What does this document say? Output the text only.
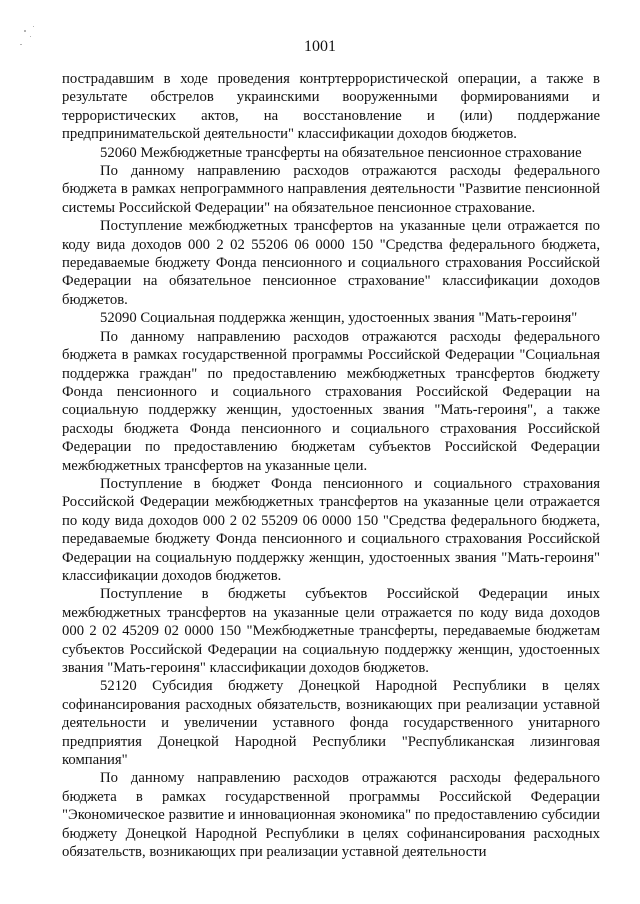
1001

пострадавшим в ходе проведения контртеррористической операции, а также в результате обстрелов украинскими вооруженными формированиями и террористических актов, на восстановление и (или) поддержание предпринимательской деятельности" классификации доходов бюджетов.

52060 Межбюджетные трансферты на обязательное пенсионное страхование

По данному направлению расходов отражаются расходы федерального бюджета в рамках непрограммного направления деятельности "Развитие пенсионной системы Российской Федерации" на обязательное пенсионное страхование.

Поступление межбюджетных трансфертов на указанные цели отражается по коду вида доходов 000 2 02 55206 06 0000 150 "Средства федерального бюджета, передаваемые бюджету Фонда пенсионного и социального страхования Российской Федерации на обязательное пенсионное страхование" классификации доходов бюджетов.

52090 Социальная поддержка женщин, удостоенных звания "Мать-героиня"

По данному направлению расходов отражаются расходы федерального бюджета в рамках государственной программы Российской Федерации "Социальная поддержка граждан" по предоставлению межбюджетных трансфертов бюджету Фонда пенсионного и социального страхования Российской Федерации на социальную поддержку женщин, удостоенных звания "Мать-героиня", а также расходы бюджета Фонда пенсионного и социального страхования Российской Федерации по предоставлению бюджетам субъектов Российской Федерации межбюджетных трансфертов на указанные цели.

Поступление в бюджет Фонда пенсионного и социального страхования Российской Федерации межбюджетных трансфертов на указанные цели отражается по коду вида доходов 000 2 02 55209 06 0000 150 "Средства федерального бюджета, передаваемые бюджету Фонда пенсионного и социального страхования Российской Федерации на социальную поддержку женщин, удостоенных звания "Мать-героиня" классификации доходов бюджетов.

Поступление в бюджеты субъектов Российской Федерации иных межбюджетных трансфертов на указанные цели отражается по коду вида доходов 000 2 02 45209 02 0000 150 "Межбюджетные трансферты, передаваемые бюджетам субъектов Российской Федерации на социальную поддержку женщин, удостоенных звания "Мать-героиня" классификации доходов бюджетов.

52120 Субсидия бюджету Донецкой Народной Республики в целях софинансирования расходных обязательств, возникающих при реализации уставной деятельности и увеличении уставного фонда государственного унитарного предприятия Донецкой Народной Республики "Республиканская лизинговая компания"

По данному направлению расходов отражаются расходы федерального бюджета в рамках государственной программы Российской Федерации "Экономическое развитие и инновационная экономика" по предоставлению субсидии бюджету Донецкой Народной Республики в целях софинансирования расходных обязательств, возникающих при реализации уставной деятельности
